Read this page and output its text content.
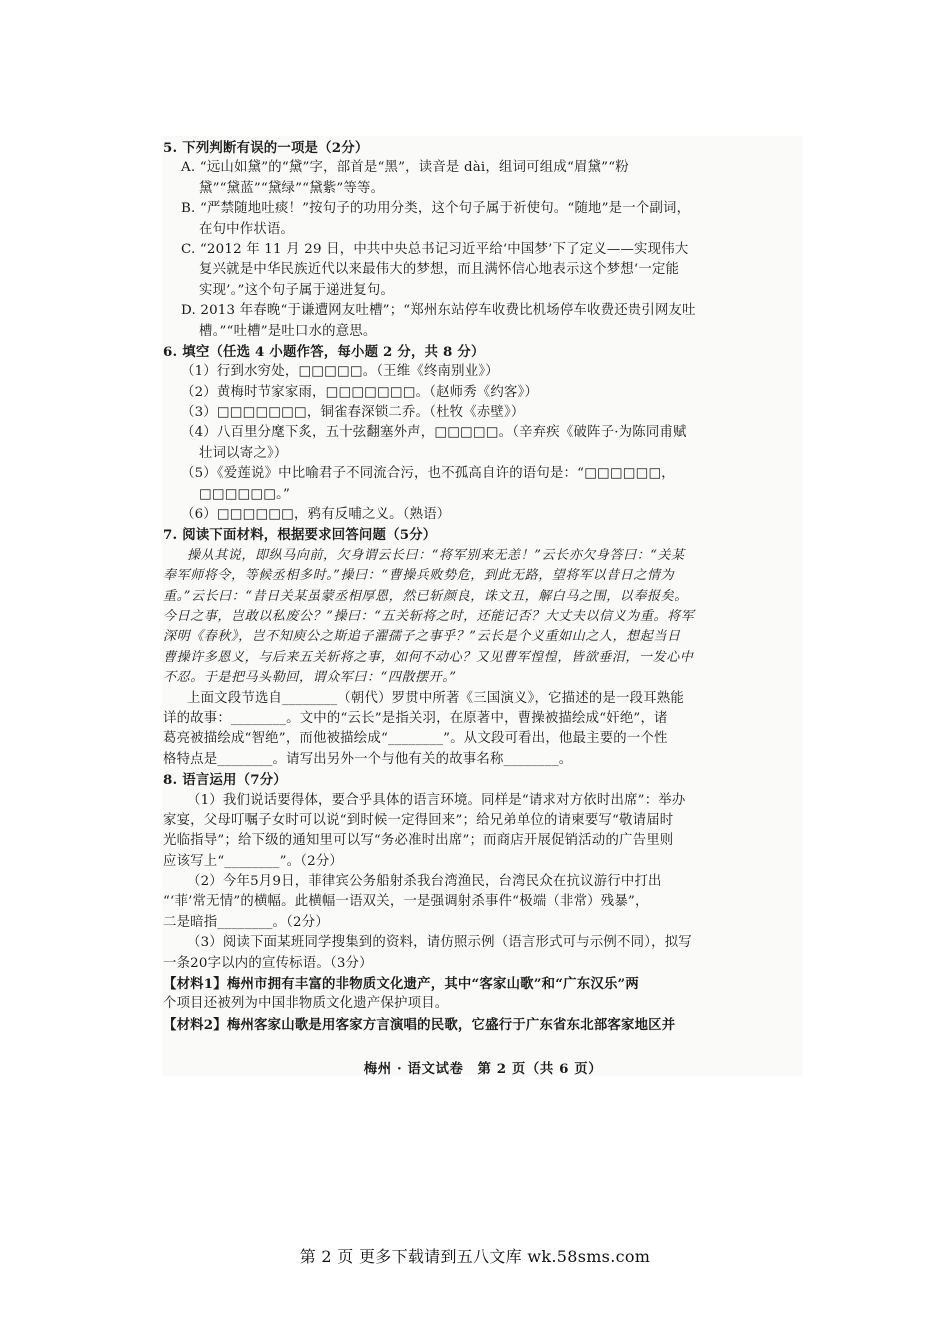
5. 下列判断有误的一项是（2分）
A. “远山如黛”的“黛”字，部首是“黑”，读音是 dài，组词可组成“眉黛”“粉
黛”“黛蓝”“黛绿”“黛紫”等等。
B. “严禁随地吐痰！”按句子的功用分类，这个句子属于祈使句。“随地”是一个副词，
在句中作状语。
C. “2012 年 11 月 29 日，中共中央总书记习近平给‘中国梦’下了定义——实现伟大
复兴就是中华民族近代以来最伟大的梦想，而且满怀信心地表示这个梦想‘一定能
实现’。”这个句子属于递进复句。
D. 2013 年春晚“于谦遭网友吐槽”；“郑州东站停车收费比机场停车收费还贵引网友吐
槽。”“吐槽”是吐口水的意思。
6. 填空（任选 4 小题作答，每小题 2 分，共 8 分）
（1）行到水穷处，□□□□□。（王维《终南别业》）
（2）黄梅时节家家雨，□□□□□□□。（赵师秀《约客》）
（3）□□□□□□□，铜雀春深锁二乔。（杜牧《赤壁》）
（4）八百里分麾下炙，五十弦翻塞外声，□□□□□。（辛弃疾《破阵子·为陈同甫赋
壮词以寄之》）
（5）《爱莲说》中比喻君子不同流合污，也不孤高自许的语句是：“□□□□□□，
□□□□□□。”
（6）□□□□□□，鸦有反哺之义。（熟语）
7. 阅读下面材料，根据要求回答问题（5分）
操从其说，即纵马向前，欠身谓云长曰：“将军别来无恙！”云长亦欠身答曰：“关某
奉军师将令，等候丞相多时。”操曰：“曹操兵败势危，到此无路，望将军以昔日之情为
重。”云长曰：“昔日关某虽蒙丞相厚恩，然已斩颜良，诛文丑，解白马之围，以奉报矣。
今日之事，岂敢以私废公？”操曰：“五关斩将之时，还能记否？大丈夫以信义为重。将军
深明《春秋》，岂不知庾公之斯追子濯孺子之事乎？”云长是个义重如山之人，想起当日
曹操许多恩义，与后来五关斩将之事，如何不动心？又见曹军惶惶，皆欲垂泪，一发心中
不忍。于是把马头勒回，谓众军曰：“四散摆开。”
上面文段节选自________（朝代）罗贯中所著《三国演义》，它描述的是一段耳熟能
详的故事：________。文中的“云长”是指关羽，在原著中，曹操被描绘成“奸绝”，诸
葛亮被描绘成“智绝”，而他被描绘成“________”。从文段可看出，他最主要的一个性
格特点是________。请写出另外一个与他有关的故事名称________。
8. 语言运用（7分）
（1）我们说话要得体，要合乎具体的语言环境。同样是“请求对方依时出席”：举办
家宴，父母叮嘱子女时可以说“到时候一定得回来”；给兄弟单位的请柬要写“敬请届时
光临指导”；给下级的通知里可以写“务必准时出席”；而商店开展促销活动的广告里则
应该写上“________”。（2分）
（2）今年5月9日，菲律宾公务船射杀我台湾渔民，台湾民众在抗议游行中打出
“‘菲’常无情”的横幅。此横幅一语双关，一是强调射杀事件“极端（非常）残暴”，
二是暗指________。（2分）
（3）阅读下面某班同学搜集到的资料，请仿照示例（语言形式可与示例不同），拟写
一条20字以内的宣传标语。（3分）
【材料1】梅州市拥有丰富的非物质文化遗产，其中“客家山歌”和“广东汉乐”两
个项目还被列为中国非物质文化遗产保护项目。
【材料2】梅州客家山歌是用客家方言演唱的民歌，它盛行于广东省东北部客家地区并
梅州 · 语文试卷　第 2 页（共 6 页）
第 2 页 更多下载请到五八文库 wk.58sms.com
